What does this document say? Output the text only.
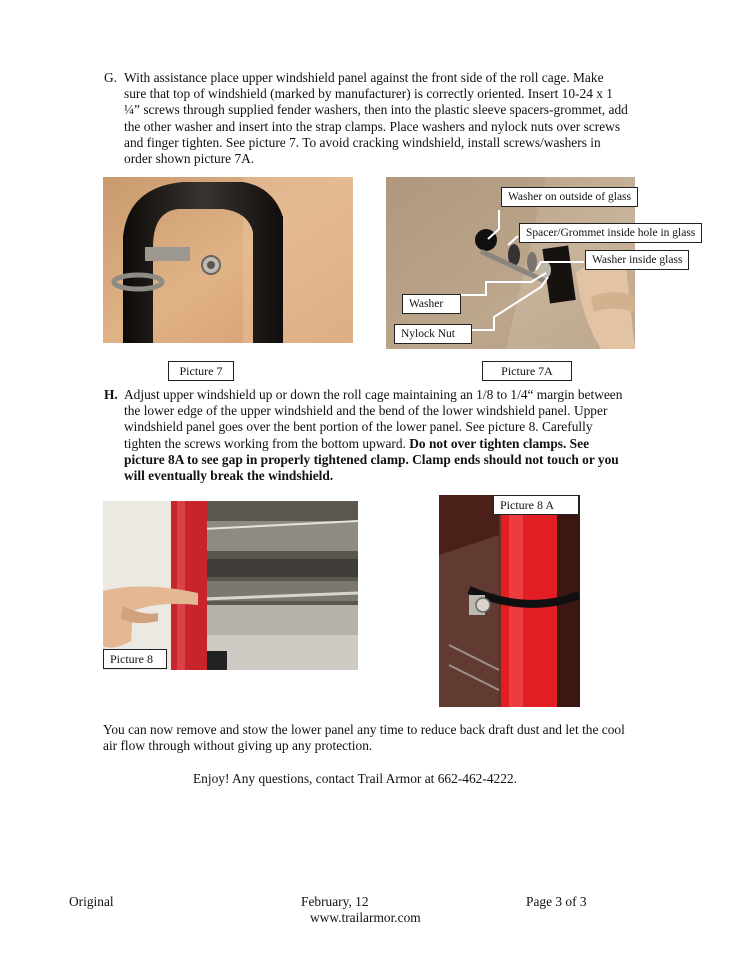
G. With assistance place upper windshield panel against the front side of the roll cage. Make
sure that top of windshield (marked by manufacturer) is correctly oriented. Insert 10-24 x 1
¼” screws through supplied fender washers, then into the plastic sleeve spacers-grommet, add
the other washer and insert into the strap clamps. Place washers and nylock nuts over screws
and finger tighten. See picture 7. To avoid cracking windshield, install screws/washers in
order shown picture 7A.
Washer on outside of glass
Spacer/Grommet inside hole in glass
Washer inside glass
Washer
Nylock Nut
Picture 7	Picture 7A
H. Adjust upper windshield up or down the roll cage maintaining an 1/8 to 1/4“ margin between
the lower edge of the upper windshield and the bend of the lower windshield panel. Upper
windshield panel goes over the bent portion of the lower panel. See picture 8. Carefully
tighten the screws working from the bottom upward. Do not over tighten clamps. See
picture 8A to see gap in properly tightened clamp. Clamp ends should not touch or you
will eventually break the windshield.
Picture 8
Picture 8 A
You can now remove and stow the lower panel any time to reduce back draft dust and let the cool
air flow through without giving up any protection.
Enjoy! Any questions, contact Trail Armor at 662-462-4222.
Original	February, 12	Page 3 of 3
www.trailarmor.com
